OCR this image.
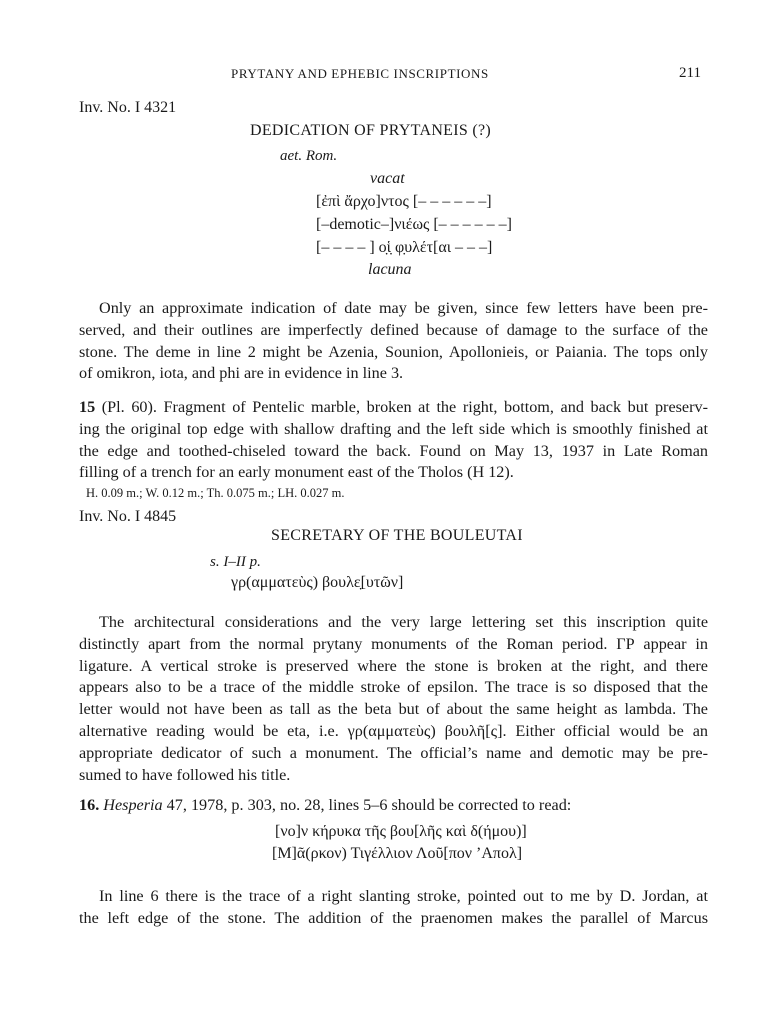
PRYTANY AND EPHEBIC INSCRIPTIONS	211
Inv. No. I 4321
DEDICATION OF PRYTANEIS (?)
aet. Rom.
vacat
[ἐπὶ ἄρχο]ντος [– – – – – –]
[–demotic–]νιέως [– – – – – –]
[– – – – ] ο̣ἱ̣ φ̣υλέτ[αι – – –]
lacuna
Only an approximate indication of date may be given, since few letters have been pre-
served, and their outlines are imperfectly defined because of damage to the surface of the
stone. The deme in line 2 might be Azenia, Sounion, Apollonieis, or Paiania. The tops only
of omikron, iota, and phi are in evidence in line 3.
15 (Pl. 60). Fragment of Pentelic marble, broken at the right, bottom, and back but preserv-
ing the original top edge with shallow drafting and the left side which is smoothly finished at
the edge and toothed-chiseled toward the back. Found on May 13, 1937 in Late Roman
filling of a trench for an early monument east of the Tholos (H 12).
H. 0.09 m.; W. 0.12 m.; Th. 0.075 m.; LH. 0.027 m.
Inv. No. I 4845
SECRETARY OF THE BOULEUTAI
s. I–II p.
γρ(αμματεὺς) βουλε̣[υτῶν]
The architectural considerations and the very large lettering set this inscription quite
distinctly apart from the normal prytany monuments of the Roman period. ΓΡ appear in
ligature. A vertical stroke is preserved where the stone is broken at the right, and there
appears also to be a trace of the middle stroke of epsilon. The trace is so disposed that the
letter would not have been as tall as the beta but of about the same height as lambda. The
alternative reading would be eta, i.e. γρ(αμματεὺς) βουλῆ[ς]. Either official would be an
appropriate dedicator of such a monument. The official’s name and demotic may be pre-
sumed to have followed his title.
16. Hesperia 47, 1978, p. 303, no. 28, lines 5–6 should be corrected to read:
[νο]ν κήρυκα τῆς βου[λῆς καὶ δ(ήμου)]
[Μ]ᾶ(ρκον) Τιγέλλιον Λοῦ[πον ’Απολ]
In line 6 there is the trace of a right slanting stroke, pointed out to me by D. Jordan, at
the left edge of the stone. The addition of the praenomen makes the parallel of Marcus
